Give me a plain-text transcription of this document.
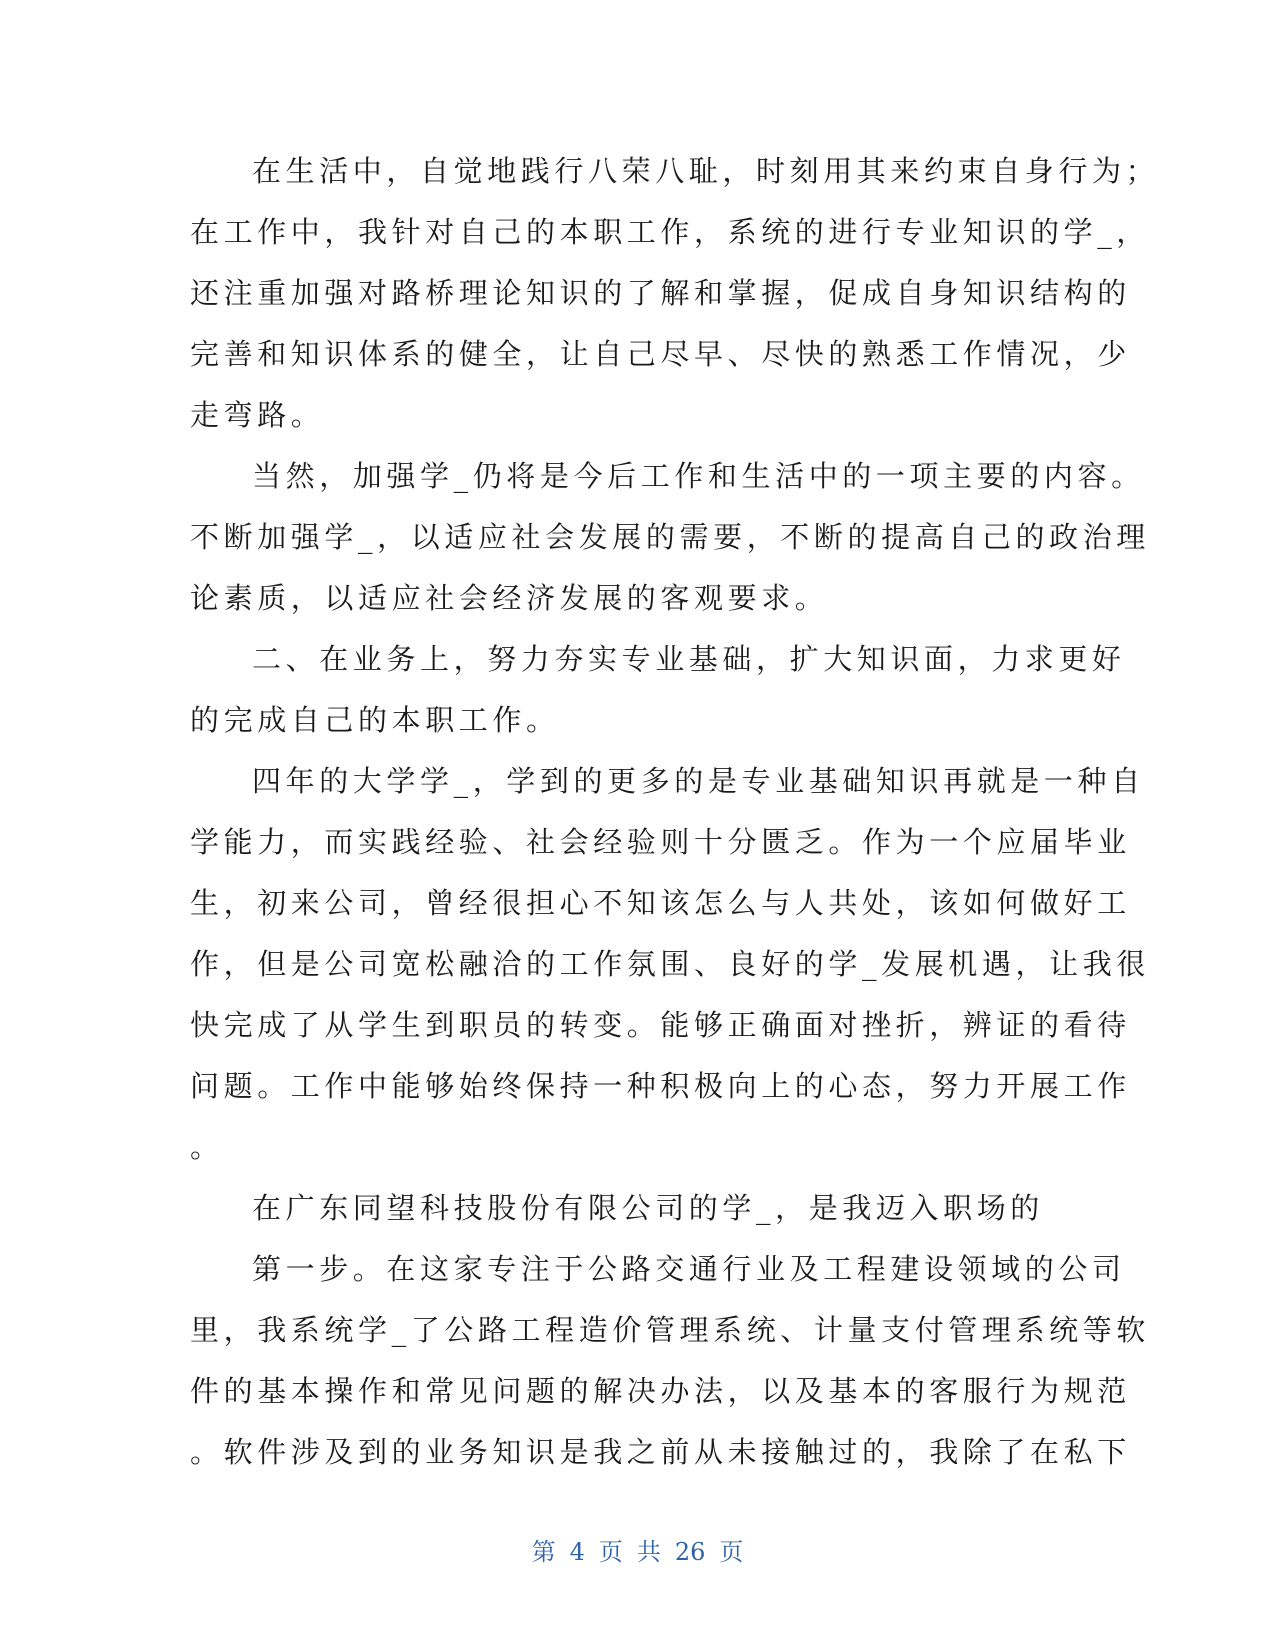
在生活中，自觉地践行八荣八耻，时刻用其来约束自身行为；
在工作中，我针对自己的本职工作，系统的进行专业知识的学_，
还注重加强对路桥理论知识的了解和掌握，促成自身知识结构的
完善和知识体系的健全，让自己尽早、尽快的熟悉工作情况，少
走弯路。
当然，加强学_仍将是今后工作和生活中的一项主要的内容。
不断加强学_，以适应社会发展的需要，不断的提高自己的政治理
论素质，以适应社会经济发展的客观要求。
二、在业务上，努力夯实专业基础，扩大知识面，力求更好
的完成自己的本职工作。
四年的大学学_，学到的更多的是专业基础知识再就是一种自
学能力，而实践经验、社会经验则十分匮乏。作为一个应届毕业
生，初来公司，曾经很担心不知该怎么与人共处，该如何做好工
作，但是公司宽松融洽的工作氛围、良好的学_发展机遇，让我很
快完成了从学生到职员的转变。能够正确面对挫折，辨证的看待
问题。工作中能够始终保持一种积极向上的心态，努力开展工作
。
在广东同望科技股份有限公司的学_，是我迈入职场的
第一步。在这家专注于公路交通行业及工程建设领域的公司
里，我系统学_了公路工程造价管理系统、计量支付管理系统等软
件的基本操作和常见问题的解决办法，以及基本的客服行为规范
。软件涉及到的业务知识是我之前从未接触过的，我除了在私下
第 4 页 共 26 页
